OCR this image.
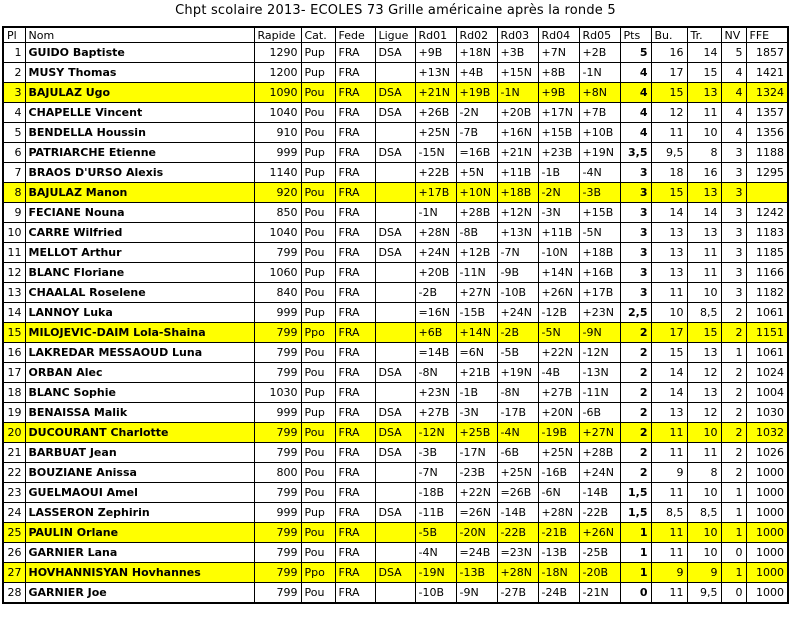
Chpt scolaire 2013- ECOLES 73 Grille américaine après la ronde 5
Pl	Nom	Rapide	Cat.	Fede	Ligue	Rd01	Rd02	Rd03	Rd04	Rd05	Pts	Bu.	Tr.	NV	FFE
1	GUIDO Baptiste	1290	Pup	FRA	DSA	+9B	+18N	+3B	+7N	+2B	5	16	14	5	1857
2	MUSY Thomas	1200	Pup	FRA		+13N	+4B	+15N	+8B	-1N	4	17	15	4	1421
3	BAJULAZ Ugo	1090	Pou	FRA	DSA	+21N	+19B	-1N	+9B	+8N	4	15	13	4	1324
4	CHAPELLE Vincent	1040	Pou	FRA	DSA	+26B	-2N	+20B	+17N	+7B	4	12	11	4	1357
5	BENDELLA Houssin	910	Pou	FRA		+25N	-7B	+16N	+15B	+10B	4	11	10	4	1356
6	PATRIARCHE Etienne	999	Pup	FRA	DSA	-15N	=16B	+21N	+23B	+19N	3,5	9,5	8	3	1188
7	BRAOS D'URSO Alexis	1140	Pup	FRA		+22B	+5N	+11B	-1B	-4N	3	18	16	3	1295
8	BAJULAZ Manon	920	Pou	FRA		+17B	+10N	+18B	-2N	-3B	3	15	13	3	
9	FECIANE Nouna	850	Pou	FRA		-1N	+28B	+12N	-3N	+15B	3	14	14	3	1242
10	CARRE Wilfried	1040	Pou	FRA	DSA	+28N	-8B	+13N	+11B	-5N	3	13	13	3	1183
11	MELLOT Arthur	799	Pou	FRA	DSA	+24N	+12B	-7N	-10N	+18B	3	13	11	3	1185
12	BLANC Floriane	1060	Pup	FRA		+20B	-11N	-9B	+14N	+16B	3	13	11	3	1166
13	CHAALAL Roselene	840	Pou	FRA		-2B	+27N	-10B	+26N	+17B	3	11	10	3	1182
14	LANNOY Luka	999	Pup	FRA		=16N	-15B	+24N	-12B	+23N	2,5	10	8,5	2	1061
15	MILOJEVIC-DAIM Lola-Shaina	799	Ppo	FRA		+6B	+14N	-2B	-5N	-9N	2	17	15	2	1151
16	LAKREDAR MESSAOUD Luna	799	Pou	FRA		=14B	=6N	-5B	+22N	-12N	2	15	13	1	1061
17	ORBAN Alec	799	Pou	FRA	DSA	-8N	+21B	+19N	-4B	-13N	2	14	12	2	1024
18	BLANC Sophie	1030	Pup	FRA		+23N	-1B	-8N	+27B	-11N	2	14	13	2	1004
19	BENAISSA Malik	999	Pup	FRA	DSA	+27B	-3N	-17B	+20N	-6B	2	13	12	2	1030
20	DUCOURANT Charlotte	799	Pou	FRA	DSA	-12N	+25B	-4N	-19B	+27N	2	11	10	2	1032
21	BARBUAT Jean	799	Pou	FRA	DSA	-3B	-17N	-6B	+25N	+28B	2	11	11	2	1026
22	BOUZIANE Anissa	800	Pou	FRA		-7N	-23B	+25N	-16B	+24N	2	9	8	2	1000
23	GUELMAOUI Amel	799	Pou	FRA		-18B	+22N	=26B	-6N	-14B	1,5	11	10	1	1000
24	LASSERON Zephirin	999	Pup	FRA	DSA	-11B	=26N	-14B	+28N	-22B	1,5	8,5	8,5	1	1000
25	PAULIN Orlane	799	Pou	FRA		-5B	-20N	-22B	-21B	+26N	1	11	10	1	1000
26	GARNIER Lana	799	Pou	FRA		-4N	=24B	=23N	-13B	-25B	1	11	10	0	1000
27	HOVHANNISYAN Hovhannes	799	Ppo	FRA	DSA	-19N	-13B	+28N	-18N	-20B	1	9	9	1	1000
28	GARNIER Joe	799	Pou	FRA		-10B	-9N	-27B	-24B	-21N	0	11	9,5	0	1000
